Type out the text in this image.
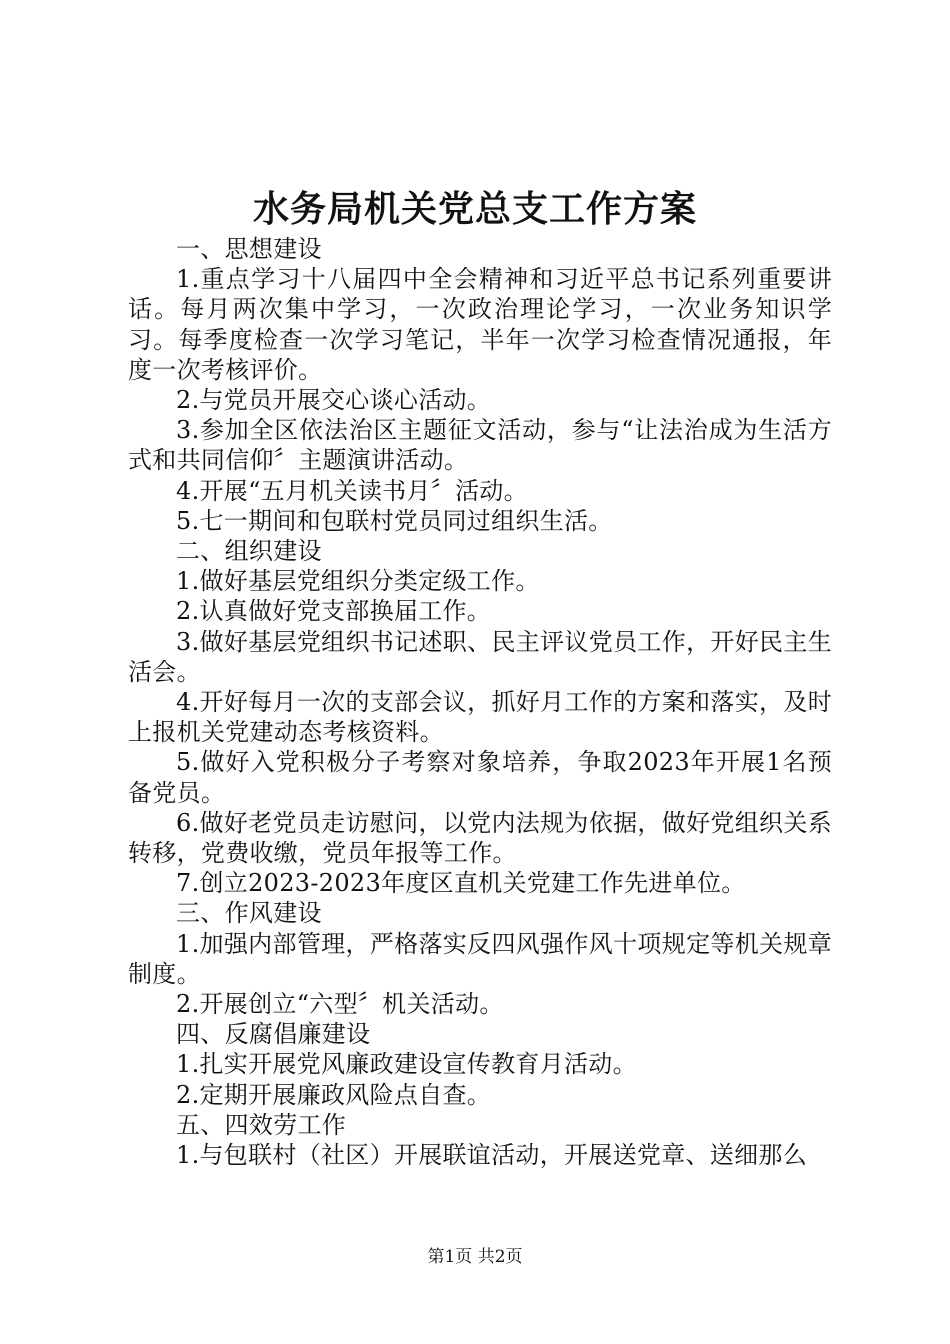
水务局机关党总支工作方案

一、思想建设

1.重点学习十八届四中全会精神和习近平总书记系列重要讲话。每月两次集中学习，一次政治理论学习，一次业务知识学习。每季度检查一次学习笔记，半年一次学习检查情况通报，年度一次考核评价。

2.与党员开展交心谈心活动。

3.参加全区依法治区主题征文活动，参与“让法治成为生活方式和共同信仰〞主题演讲活动。

4.开展“五月机关读书月〞活动。

5.七一期间和包联村党员同过组织生活。

二、组织建设

1.做好基层党组织分类定级工作。

2.认真做好党支部换届工作。

3.做好基层党组织书记述职、民主评议党员工作，开好民主生活会。

4.开好每月一次的支部会议，抓好月工作的方案和落实，及时上报机关党建动态考核资料。

5.做好入党积极分子考察对象培养，争取2023年开展1名预备党员。

6.做好老党员走访慰问，以党内法规为依据，做好党组织关系转移，党费收缴，党员年报等工作。

7.创立2023-2023年度区直机关党建工作先进单位。

三、作风建设

1.加强内部管理，严格落实反四风强作风十项规定等机关规章制度。

2.开展创立“六型〞机关活动。

四、反腐倡廉建设

1.扎实开展党风廉政建设宣传教育月活动。

2.定期开展廉政风险点自查。

五、四效劳工作

1.与包联村（社区）开展联谊活动，开展送党章、送细那么

第1页 共2页
